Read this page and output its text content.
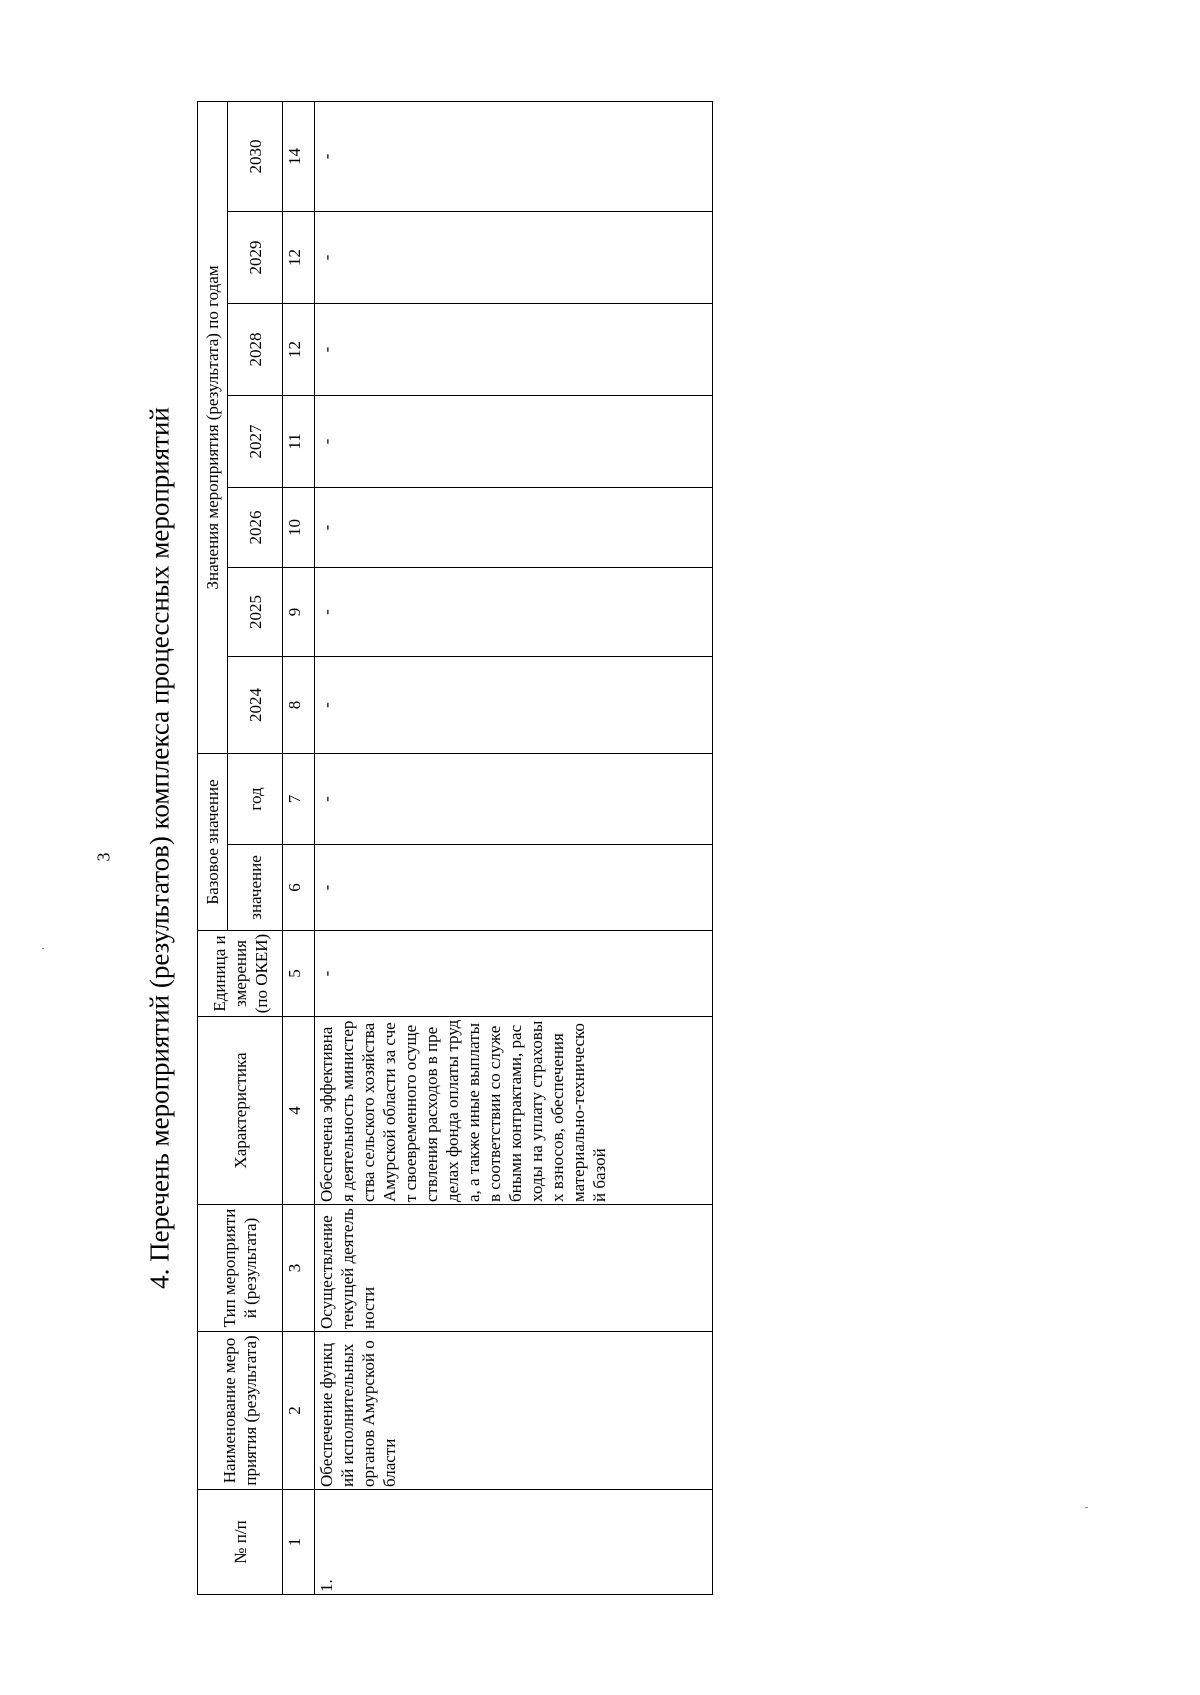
3 4. Перечень мероприятий (результатов) комплекса процессных мероприятий
№ п/п	Наименование мероприятия (результата)	Тип мероприятий (результата)	Характеристика	Единица измерения (по ОКЕИ)	Базовое значение		Значения мероприятия (результата) по годам						
					значение	год	2024	2025	2026	2027	2028	2029	2030
1	2	3	4	5	6	7	8	9	10	11	12	12	14
1.	Обеспечение функций исполнительных органов Амурской области	Осуществление текущей деятельности	Обеспечена эффективная деятельность министерства сельского хозяйства Амурской области за счет своевременного осуществления расходов в пределах фонда оплаты труда, а также иные выплаты в соответствии со служебными контрактами, расходы на уплату страховых взносов, обеспечения материально-технической базой	-	-	-	-	-	-	-	-	-	-
